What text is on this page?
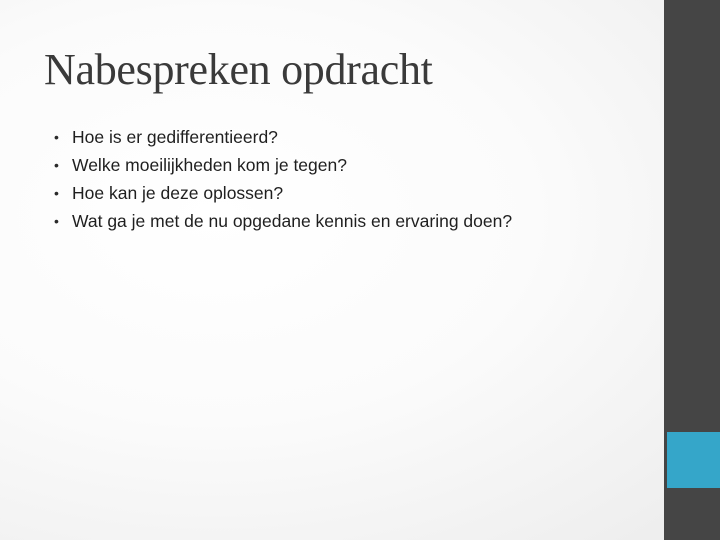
Nabespreken opdracht
• Hoe is er gedifferentieerd?
• Welke moeilijkheden kom je tegen?
• Hoe kan je deze oplossen?
• Wat ga je met de nu opgedane kennis en ervaring doen?
